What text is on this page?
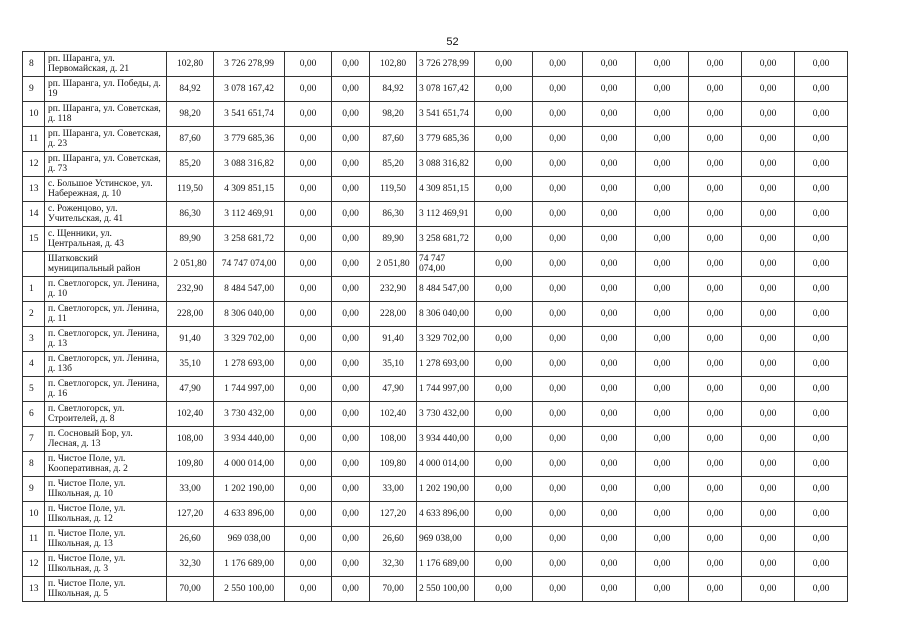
52
8	рп. Шаранга, ул. Первомайская, д. 21	102,80	3 726 278,99	0,00	0,00	102,80	3 726 278,99	0,00	0,00	0,00	0,00	0,00	0,00	0,00
9	рп. Шаранга, ул. Победы, д. 19	84,92	3 078 167,42	0,00	0,00	84,92	3 078 167,42	0,00	0,00	0,00	0,00	0,00	0,00	0,00
10	рп. Шаранга, ул. Советская, д. 118	98,20	3 541 651,74	0,00	0,00	98,20	3 541 651,74	0,00	0,00	0,00	0,00	0,00	0,00	0,00
11	рп. Шаранга, ул. Советская, д. 23	87,60	3 779 685,36	0,00	0,00	87,60	3 779 685,36	0,00	0,00	0,00	0,00	0,00	0,00	0,00
12	рп. Шаранга, ул. Советская, д. 73	85,20	3 088 316,82	0,00	0,00	85,20	3 088 316,82	0,00	0,00	0,00	0,00	0,00	0,00	0,00
13	с. Большое Устинское, ул. Набережная, д. 10	119,50	4 309 851,15	0,00	0,00	119,50	4 309 851,15	0,00	0,00	0,00	0,00	0,00	0,00	0,00
14	с. Роженцово, ул. Учительская, д. 41	86,30	3 112 469,91	0,00	0,00	86,30	3 112 469,91	0,00	0,00	0,00	0,00	0,00	0,00	0,00
15	с. Щенники, ул. Центральная, д. 43	89,90	3 258 681,72	0,00	0,00	89,90	3 258 681,72	0,00	0,00	0,00	0,00	0,00	0,00	0,00
	Шатковский муниципальный район	2 051,80	74 747 074,00	0,00	0,00	2 051,80	74 747 074,00	0,00	0,00	0,00	0,00	0,00	0,00	0,00
1	п. Светлогорск, ул. Ленина, д. 10	232,90	8 484 547,00	0,00	0,00	232,90	8 484 547,00	0,00	0,00	0,00	0,00	0,00	0,00	0,00
2	п. Светлогорск, ул. Ленина, д. 11	228,00	8 306 040,00	0,00	0,00	228,00	8 306 040,00	0,00	0,00	0,00	0,00	0,00	0,00	0,00
3	п. Светлогорск, ул. Ленина, д. 13	91,40	3 329 702,00	0,00	0,00	91,40	3 329 702,00	0,00	0,00	0,00	0,00	0,00	0,00	0,00
4	п. Светлогорск, ул. Ленина, д. 13б	35,10	1 278 693,00	0,00	0,00	35,10	1 278 693,00	0,00	0,00	0,00	0,00	0,00	0,00	0,00
5	п. Светлогорск, ул. Ленина, д. 16	47,90	1 744 997,00	0,00	0,00	47,90	1 744 997,00	0,00	0,00	0,00	0,00	0,00	0,00	0,00
6	п. Светлогорск, ул. Строителей, д. 8	102,40	3 730 432,00	0,00	0,00	102,40	3 730 432,00	0,00	0,00	0,00	0,00	0,00	0,00	0,00
7	п. Сосновый Бор, ул. Лесная, д. 13	108,00	3 934 440,00	0,00	0,00	108,00	3 934 440,00	0,00	0,00	0,00	0,00	0,00	0,00	0,00
8	п. Чистое Поле, ул. Кооперативная, д. 2	109,80	4 000 014,00	0,00	0,00	109,80	4 000 014,00	0,00	0,00	0,00	0,00	0,00	0,00	0,00
9	п. Чистое Поле, ул. Школьная, д. 10	33,00	1 202 190,00	0,00	0,00	33,00	1 202 190,00	0,00	0,00	0,00	0,00	0,00	0,00	0,00
10	п. Чистое Поле, ул. Школьная, д. 12	127,20	4 633 896,00	0,00	0,00	127,20	4 633 896,00	0,00	0,00	0,00	0,00	0,00	0,00	0,00
11	п. Чистое Поле, ул. Школьная, д. 13	26,60	969 038,00	0,00	0,00	26,60	969 038,00	0,00	0,00	0,00	0,00	0,00	0,00	0,00
12	п. Чистое Поле, ул. Школьная, д. 3	32,30	1 176 689,00	0,00	0,00	32,30	1 176 689,00	0,00	0,00	0,00	0,00	0,00	0,00	0,00
13	п. Чистое Поле, ул. Школьная, д. 5	70,00	2 550 100,00	0,00	0,00	70,00	2 550 100,00	0,00	0,00	0,00	0,00	0,00	0,00	0,00
